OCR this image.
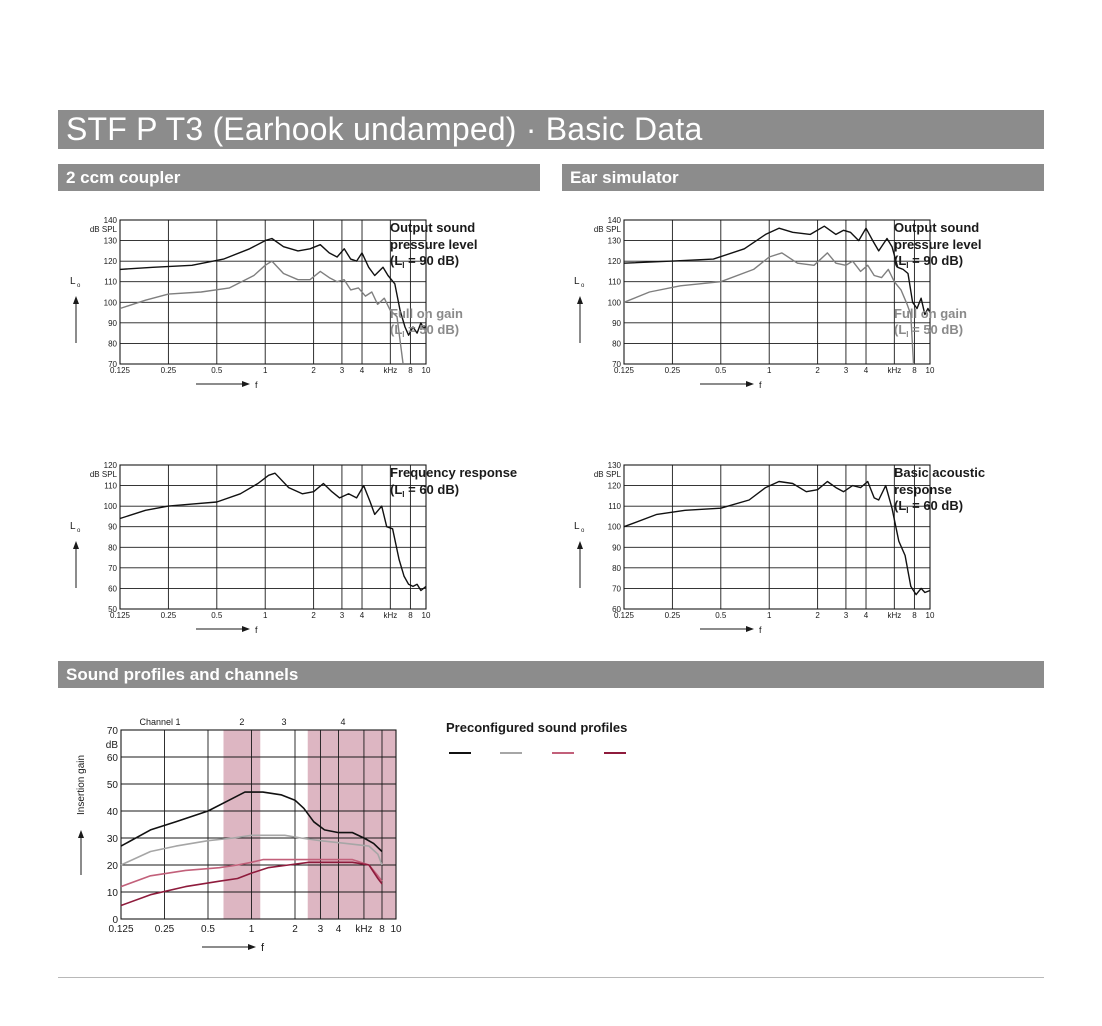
STF P T3 (Earhook undamped) · Basic Data
2 ccm coupler	Ear simulator
Sound profiles and channels
70
80
90
100
110
120
130
140
dB SPL
0.125	0.25	0.5	1	2	3 4 kHz 8 10
f
L o
70
80
90
100
110
120
130
140
dB SPL
0.125	0.25	0.5	1	2	3 4 kHz 8 10
f
L o
50
60
70
80
90
100
110
120
dB SPL
0.125	0.25	0.5	1	2	3 4 kHz 8 10
f
L o
60
70
80
90
100
110
120
130
dB SPL
0.125	0.25	0.5	1	2	3 4 kHz 8 10
f
L o
Channel 1	2	3	4
0
10
20
30
40
50
60
70
dB
0.125 0.25	0.5	1	2 3 4 kHz 8 10
f
Insertion gain
Output sound
pressure level
($L_I = 90$ dB)
Full on gain
($L_I = 50$ dB)
Output sound
pressure level
($L_I = 90$ dB)
Full on gain
($L_I = 50$ dB)
Frequency response
($L_I = 60$ dB)
Basic acoustic
response
($L_I = 60$ dB)
Preconfigured sound profiles
